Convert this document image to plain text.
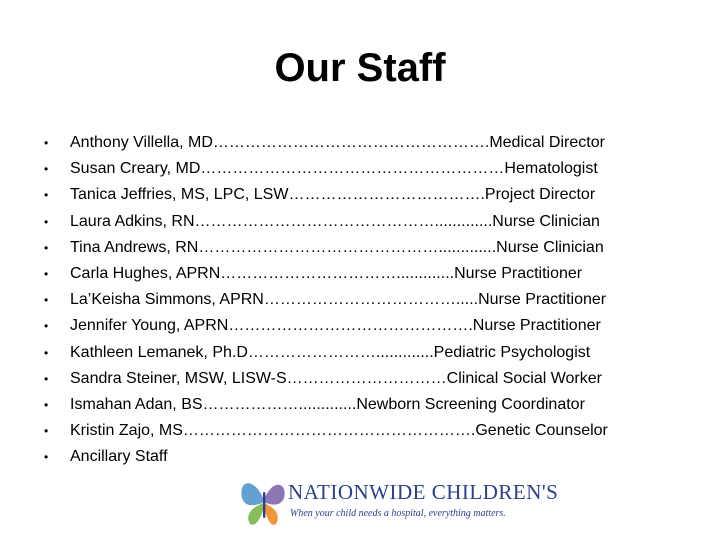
Our Staff
• Anthony Villella, MD…………………………………………….Medical Director
• Susan Creary, MD…………………………………………………Hematologist
• Tanica Jeffries, MS, LPC, LSW……………………………….Project Director
• Laura Adkins, RN……………………………………….............Nurse Clinician
• Tina Andrews, RN……………………………………….............Nurse Clinician
• Carla Hughes, APRN…………………………….............Nurse Practitioner
• La’Keisha Simmons, APRN……………………………….....Nurse Practitioner
• Jennifer Young, APRN……………………………………….Nurse Practitioner
• Kathleen Lemanek, Ph.D…………………….............Pediatric Psychologist
• Sandra Steiner, MSW, LISW-S…………………………Clinical Social Worker
• Ismahan Adan, BS……………….............Newborn Screening Coordinator
• Kristin Zajo, MS……………………………………………….Genetic Counselor
• Ancillary Staff
NATIONWIDE CHILDREN'S
When your child needs a hospital, everything matters.
